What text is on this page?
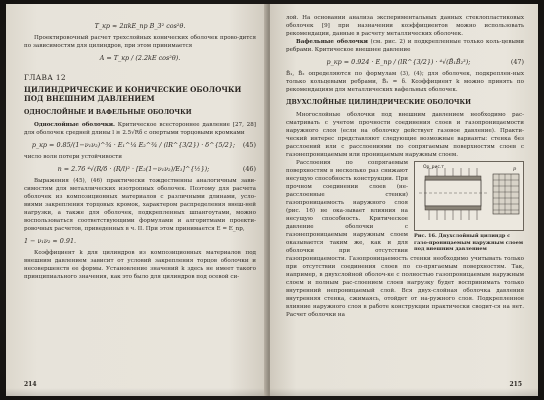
T_кр ≈ 2πkE_np B_3² cos²θ.

Проектировочный расчет трехслойных конических оболочек прово-дится по зависимостям для цилиндров, при этом принимается

A = T_кр / (2.2kE cos²θ).
ГЛАВА 12
ЦИЛИНДРИЧЕСКИЕ И КОНИЧЕСКИЕ ОБОЛОЧКИ ПОД ВНЕШНИМ ДАВЛЕНИЕМ
ОДНОСЛОЙНЫЕ И ВАФЕЛЬНЫЕ ОБОЛОЧКИ

Однослойные оболочки. Критическое всестороннее давление [27, 28] для оболочек средней длины l ≥ 2.5√Rδ с опертыми торцовыми кромками

p_кр = 0.85/(1−ν₁ν₂)^¾ · E₁^¼ E₂^¾ / (lR^{3/2}) · δ^{5/2};	(45)

число волн потери устойчивости

n = 2.76 ⁴√(R/δ · (R/l)² · [E₂(1−ν₁ν₂)/E₁]^{½});	(46)

Выражения (45), (46) практически тождественны аналогичным зави-симостям для металлических изотропных оболочек. Поэтому для расчета оболочек из композиционных материалов с различными длинами, усло-виями закрепления торцовых кромок, характером распределения внеш-ней нагрузки, а также для оболочек, подкрепленных шпангоутами, можно воспользоваться соответствующими формулами и алгоритмами проекти-ровочных расчетов, приведенных в ч. II. При этом принимается E = E_np,

1 − ν₁ν₂ ≈ 0.91.

Коэффициент k для цилиндров из композиционных материалов под внешним давлением зависит от условий закрепления торцов оболочки и несовершенств ее формы. Установление значений k здесь не имеет такого принципиального значения, как это было для цилиндров под осевой си-

214

лой. На основании анализа экспериментальных данных стеклопластиковых оболочек [9] при назначении коэффициентов можно использовать рекомендации, данные в расчету металлических оболочек.

Вафельные оболочки (см. рис. 2) и подкрепленные только коль-цевыми ребрами. Критическое внешнее давление

p_кр = 0.924 · E_np / (lR^{3/2}) · ⁴√(B̄₁B̄₂³);	(47)

B̄₁, B̄₂ определяются по формулам (3), (4); для оболочек, подкреплен-ных только кольцевыми ребрами, B̄₁ = δ. Коэффициент k можно принять по рекомендациям для металлических вафельных оболочек.

ДВУХСЛОЙНЫЕ ЦИЛИНДРИЧЕСКИЕ ОБОЛОЧКИ

Многослойные оболочки под внешним давлением необходимо рас-сматривать с учетом прочности соединения слоев и газопроницаемости наружного слоя (если на оболочку действует газовое давление). Практи-ческий интерес представляют следующие возможные варианты: стенка без расслоений или с расслоениями по сопрягаемым поверхностям слоев с газонепроницаемым или проницаемым наружным слоем.

Ор_рис.т	p
Рис. 16. Двухслойный цилиндр с газо-проницаемым наружным слоем под внешним давлением

Расслоения по сопрягаемым поверхностям в несколько раз снижают несущую способность конструкции. При прочном соединении слоев (не-расслоенные стенки) газопроницаемость наружного слоя (рис. 16) не ока-зывает влияния на несущую способность. Критическое давление оболочки с газонепроницаемым наружным слоем оказывается таким же, как и для оболочки при отсутствии газопроницаемости. Газопроницаемость стенки необходимо учитывать только при отсутствии соединения слоев по со-прягаемым поверхностям. Так, например, в двухслойной оболоч-ке с полностью газопроницаемым наружным слоем и полным рас-слоением слоев нагрузку будет воспринимать только внутренний непроницаемый слой. Вся двух-слойная оболочка давления внутренняя стенка, сжимаясь, отойдет от на-ружного слоя. Подкрепленное влияние наружного слоя в работе конструкции практически сводит-ся на нет. Расчет оболочки на

215
